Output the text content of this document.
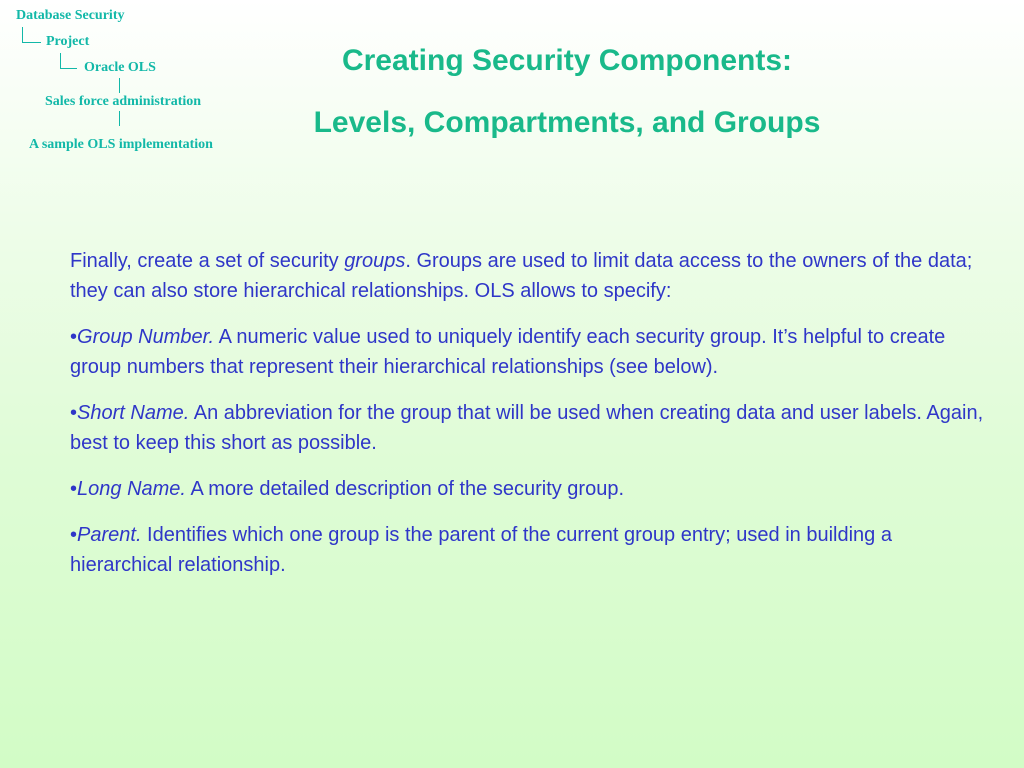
Database Security
Project
Oracle OLS
Sales force administration
A sample OLS implementation
Creating Security Components:
Levels, Compartments, and Groups

Finally, create a set of security groups. Groups are used to limit data access to the owners of the data; they can also store hierarchical relationships. OLS allows to specify:

•Group Number. A numeric value used to uniquely identify each security group. It’s helpful to create group numbers that represent their hierarchical relationships (see below).

•Short Name. An abbreviation for the group that will be used when creating data and user labels. Again, best to keep this short as possible.

•Long Name. A more detailed description of the security group.

•Parent. Identifies which one group is the parent of the current group entry; used in building a hierarchical relationship.
